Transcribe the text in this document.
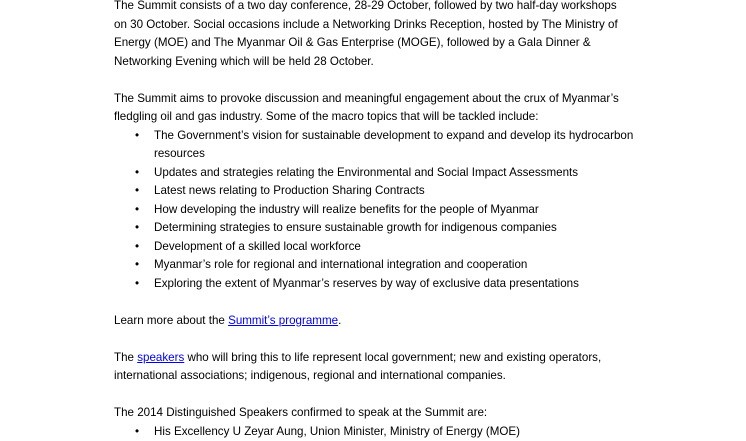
The Summit consists of a two day conference, 28-29 October, followed by two half-day workshops
on 30 October. Social occasions include a Networking Drinks Reception, hosted by The Ministry of
Energy (MOE) and The Myanmar Oil & Gas Enterprise (MOGE), followed by a Gala Dinner &
Networking Evening which will be held 28 October.

The Summit aims to provoke discussion and meaningful engagement about the crux of Myanmar’s
fledgling oil and gas industry. Some of the macro topics that will be tackled include:

• The Government’s vision for sustainable development to expand and develop its hydrocarbon resources
• Updates and strategies relating the Environmental and Social Impact Assessments
• Latest news relating to Production Sharing Contracts
• How developing the industry will realize benefits for the people of Myanmar
• Determining strategies to ensure sustainable growth for indigenous companies
• Development of a skilled local workforce
• Myanmar’s role for regional and international integration and cooperation
• Exploring the extent of Myanmar’s reserves by way of exclusive data presentations

Learn more about the Summit’s programme.

The speakers who will bring this to life represent local government; new and existing operators,
international associations; indigenous, regional and international companies.

The 2014 Distinguished Speakers confirmed to speak at the Summit are:

• His Excellency U Zeyar Aung, Union Minister, Ministry of Energy (MOE)
